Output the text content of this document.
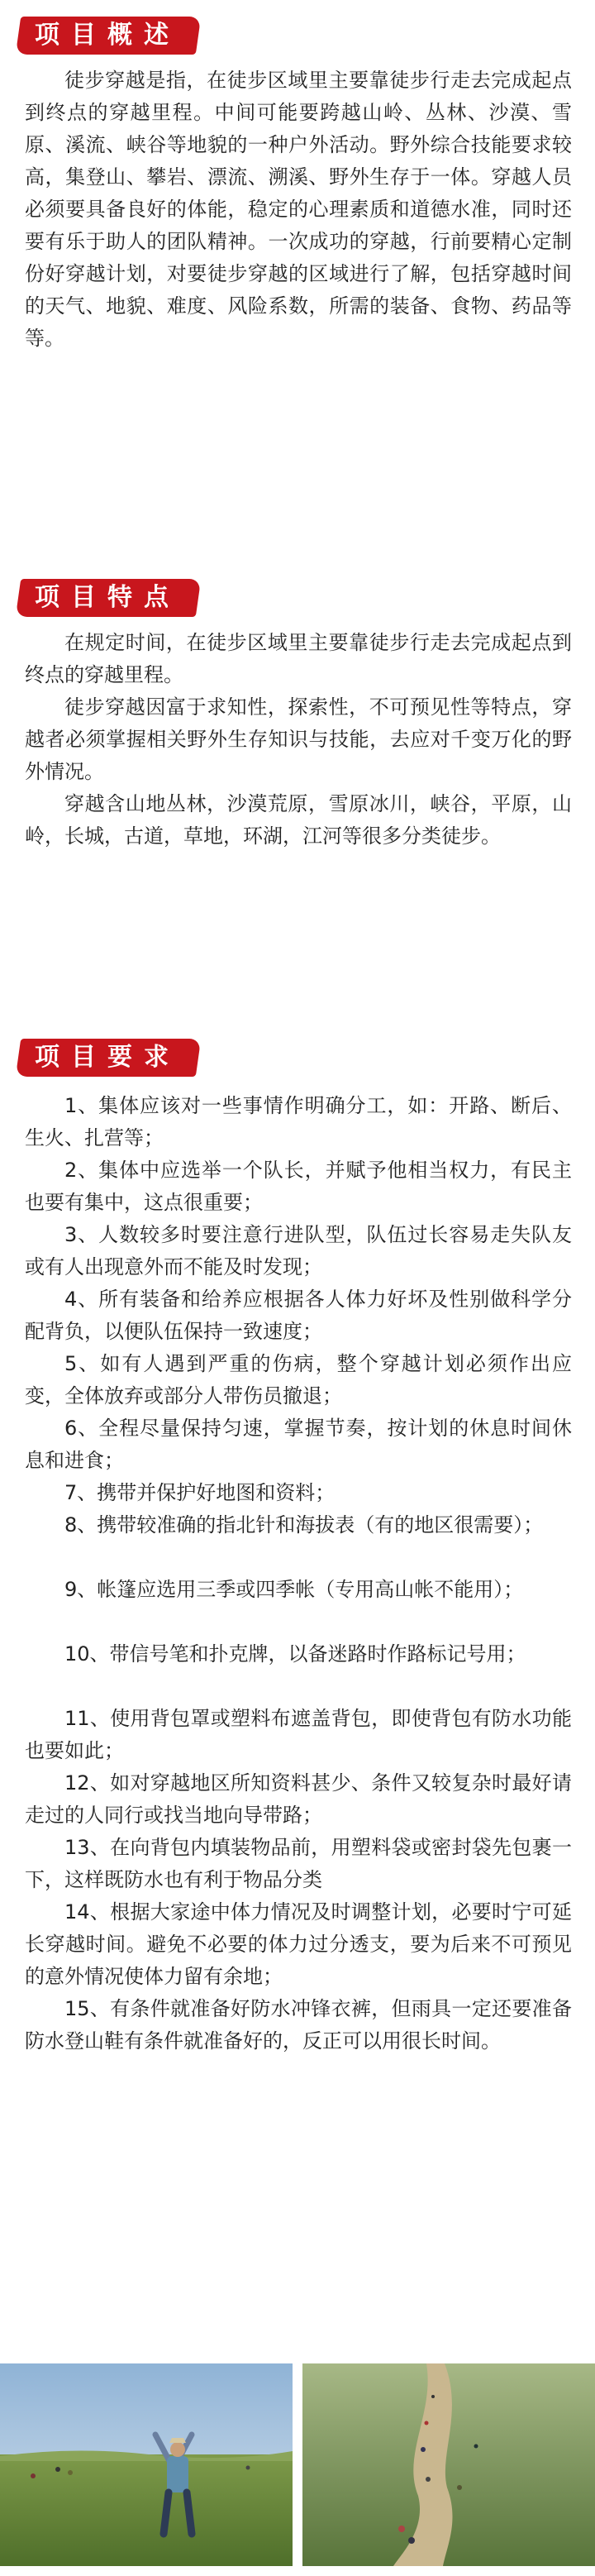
项目概述

徒步穿越是指，在徒步区域里主要靠徒步行走去完成起点到终点的穿越里程。中间可能要跨越山岭、丛林、沙漠、雪原、溪流、峡谷等地貌的一种户外活动。野外综合技能要求较高，集登山、攀岩、漂流、溯溪、野外生存于一体。穿越人员必须要具备良好的体能，稳定的心理素质和道德水准，同时还要有乐于助人的团队精神。一次成功的穿越，行前要精心定制份好穿越计划，对要徒步穿越的区域进行了解，包括穿越时间的天气、地貌、难度、风险系数，所需的装备、食物、药品等等。

项目特点

在规定时间，在徒步区域里主要靠徒步行走去完成起点到终点的穿越里程。

徒步穿越因富于求知性，探索性，不可预见性等特点，穿越者必须掌握相关野外生存知识与技能，去应对千变万化的野外情况。

穿越含山地丛林，沙漠荒原，雪原冰川，峡谷，平原，山岭，长城，古道，草地，环湖，江河等很多分类徒步。

项目要求

1、集体应该对一些事情作明确分工，如：开路、断后、生火、扎营等；

2、集体中应选举一个队长，并赋予他相当权力，有民主也要有集中，这点很重要；

3、人数较多时要注意行进队型，队伍过长容易走失队友或有人出现意外而不能及时发现；

4、所有装备和给养应根据各人体力好坏及性别做科学分配背负，以便队伍保持一致速度；

5、如有人遇到严重的伤病，整个穿越计划必须作出应变，全体放弃或部分人带伤员撤退；

6、全程尽量保持匀速，掌握节奏，按计划的休息时间休息和进食；

7、携带并保护好地图和资料；

8、携带较准确的指北针和海拔表（有的地区很需要）；

9、帐篷应选用三季或四季帐（专用高山帐不能用）；

10、带信号笔和扑克牌，以备迷路时作路标记号用；

11、使用背包罩或塑料布遮盖背包，即使背包有防水功能也要如此；

12、如对穿越地区所知资料甚少、条件又较复杂时最好请走过的人同行或找当地向导带路；

13、在向背包内填装物品前，用塑料袋或密封袋先包裹一下，这样既防水也有利于物品分类

14、根据大家途中体力情况及时调整计划，必要时宁可延长穿越时间。避免不必要的体力过分透支，要为后来不可预见的意外情况使体力留有余地；

15、有条件就准备好防水冲锋衣裤，但雨具一定还要准备防水登山鞋有条件就准备好的，反正可以用很长时间。
